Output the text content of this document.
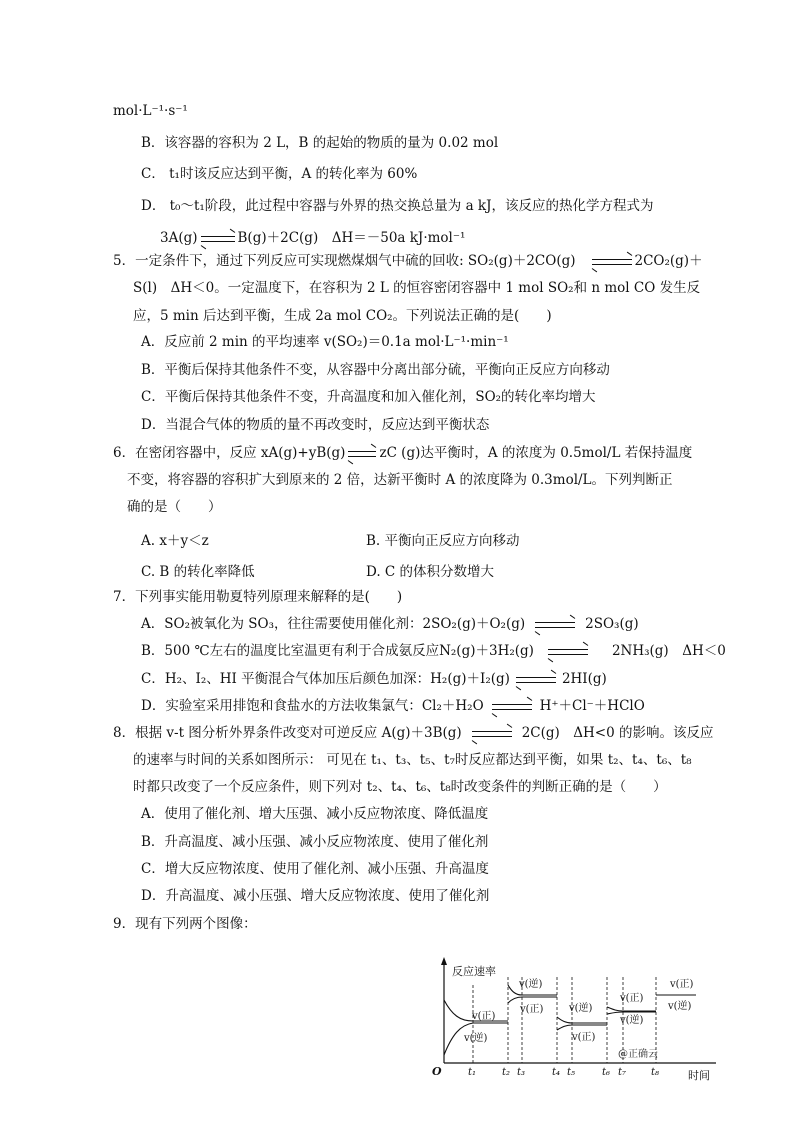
mol·L⁻¹·s⁻¹
B．该容器的容积为 2 L，B 的起始的物质的量为 0.02 mol
C． t₁时该反应达到平衡，A 的转化率为 60%
D． t₀～t₁阶段，此过程中容器与外界的热交换总量为 a kJ，该反应的热化学方程式为
3A(g)	B(g)＋2C(g)　ΔH＝－50a kJ·mol⁻¹
5．一定条件下，通过下列反应可实现燃煤烟气中硫的回收: SO₂(g)＋2CO(g)	2CO₂(g)＋
S(l)　ΔH＜0。一定温度下，在容积为 2 L 的恒容密闭容器中 1 mol SO₂和 n mol CO 发生反
应，5 min 后达到平衡，生成 2a mol CO₂。下列说法正确的是(　　)
A．反应前 2 min 的平均速率 v(SO₂)＝0.1a mol·L⁻¹·min⁻¹
B．平衡后保持其他条件不变，从容器中分离出部分硫，平衡向正反应方向移动
C．平衡后保持其他条件不变，升高温度和加入催化剂，SO₂的转化率均增大
D．当混合气体的物质的量不再改变时，反应达到平衡状态
6．在密闭容器中，反应 xA(g)+yB(g)	zC (g)达平衡时，A 的浓度为 0.5mol/L 若保持温度
不变，将容器的容积扩大到原来的 2 倍，达新平衡时 A 的浓度降为 0.3mol/L。下列判断正
确的是（　　）
A. x＋y＜z	B. 平衡向正反应方向移动
C. B 的转化率降低	D. C 的体积分数增大
7．下列事实能用勒夏特列原理来解释的是(　　)
A．SO₂被氧化为 SO₃，往往需要使用催化剂：2SO₂(g)＋O₂(g)	2SO₃(g)
B．500 ℃左右的温度比室温更有利于合成氨反应N₂(g)＋3H₂(g)	2NH₃(g)　ΔH＜0
C．H₂、I₂、HI 平衡混合气体加压后颜色加深：H₂(g)＋I₂(g)	2HI(g)
D．实验室采用排饱和食盐水的方法收集氯气：Cl₂＋H₂O	H⁺＋Cl⁻＋HClO
8．根据 v-t 图分析外界条件改变对可逆反应 A(g)＋3B(g)	2C(g)　ΔH<0 的影响。该反应
的速率与时间的关系如图所示： 可见在 t₁、t₃、t₅、t₇时反应都达到平衡，如果 t₂、t₄、t₆、t₈
时都只改变了一个反应条件，则下列对 t₂、t₄、t₆、t₈时改变条件的判断正确的是（　　）
A．使用了催化剂、增大压强、减小反应物浓度、降低温度
B．升高温度、减小压强、减小反应物浓度、使用了催化剂
C．增大反应物浓度、使用了催化剂、减小压强、升高温度
D．升高温度、减小压强、增大反应物浓度、使用了催化剂
9．现有下列两个图像：
反应速率
O	时间
v(逆)
v(正)
v(逆)
v(正)	v(逆)
v(正)
v(正)
v(逆)
v(正)
v(逆)
@正确云
t₁	t₂ t₃	t₄ t₅	t₆ t₇ t₈
